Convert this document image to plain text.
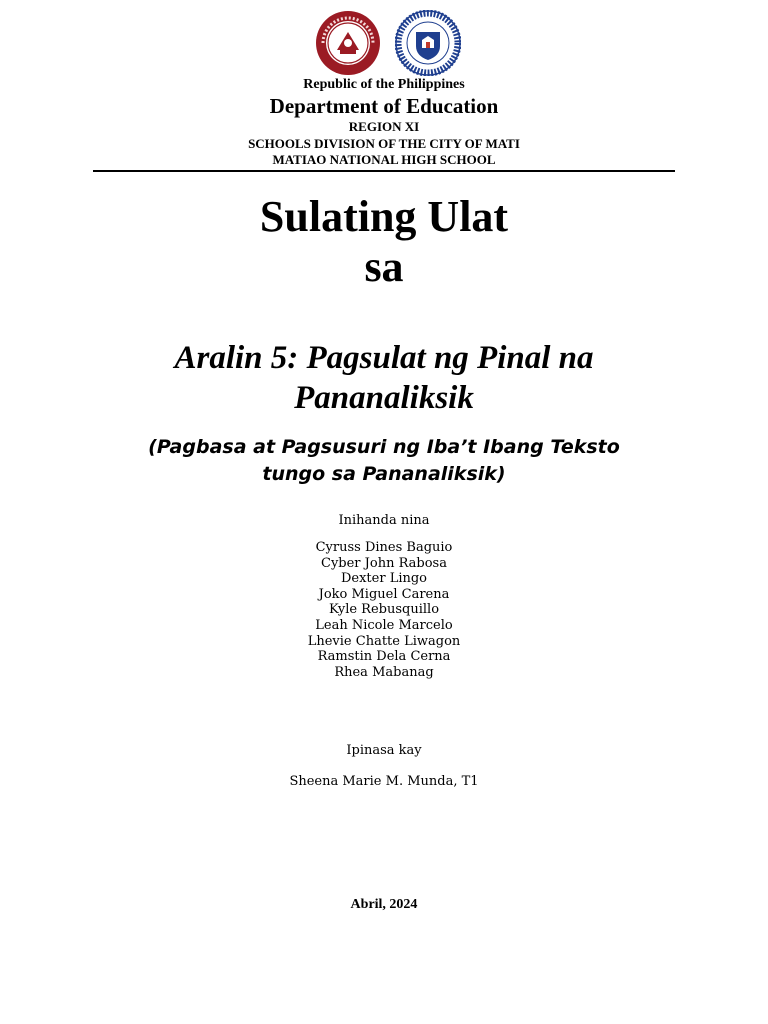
Republic of the Philippines
Department of Education
REGION XI
SCHOOLS DIVISION OF THE CITY OF MATI
MATIAO NATIONAL HIGH SCHOOL
Sulating Ulat
sa
Aralin 5: Pagsulat ng Pinal na
Pananaliksik
(Pagbasa at Pagsusuri ng Iba’t Ibang Teksto
tungo sa Pananaliksik)
Inihanda nina
Cyruss Dines Baguio
Cyber John Rabosa
Dexter Lingo
Joko Miguel Carena
Kyle Rebusquillo
Leah Nicole Marcelo
Lhevie Chatte Liwagon
Ramstin Dela Cerna
Rhea Mabanag
Ipinasa kay
Sheena Marie M. Munda, T1
Abril, 2024
